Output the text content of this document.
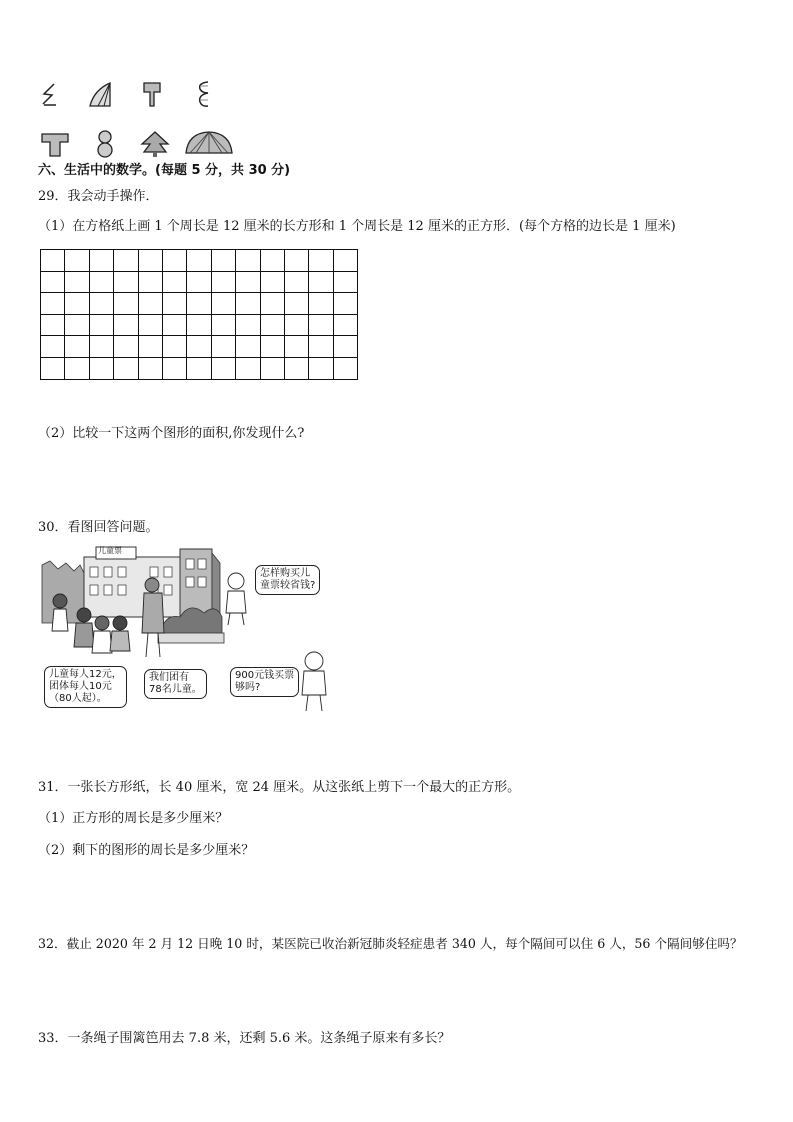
六、生活中的数学。(每题 5 分，共 30 分)
29．我会动手操作．
（1）在方格纸上画 1 个周长是 12 厘米的长方形和 1 个周长是 12 厘米的正方形．(每个方格的边长是 1 厘米)

（2）比较一下这两个图形的面积,你发现什么?
30．看图回答问题。
儿童票
怎样购买儿
童票较省钱?
儿童每人12元，
团体每人10元
（80人起）。
我们团有
78名儿童。
900元钱买票
够吗?
31．一张长方形纸，长 40 厘米，宽 24 厘米。从这张纸上剪下一个最大的正方形。
（1）正方形的周长是多少厘米？
（2）剩下的图形的周长是多少厘米？
32．截止 2020 年 2 月 12 日晚 10 时，某医院已收治新冠肺炎轻症患者 340 人，每个隔间可以住 6 人，56 个隔间够住吗？
33．一条绳子围篱笆用去 7.8 米，还剩 5.6 米。这条绳子原来有多长？
